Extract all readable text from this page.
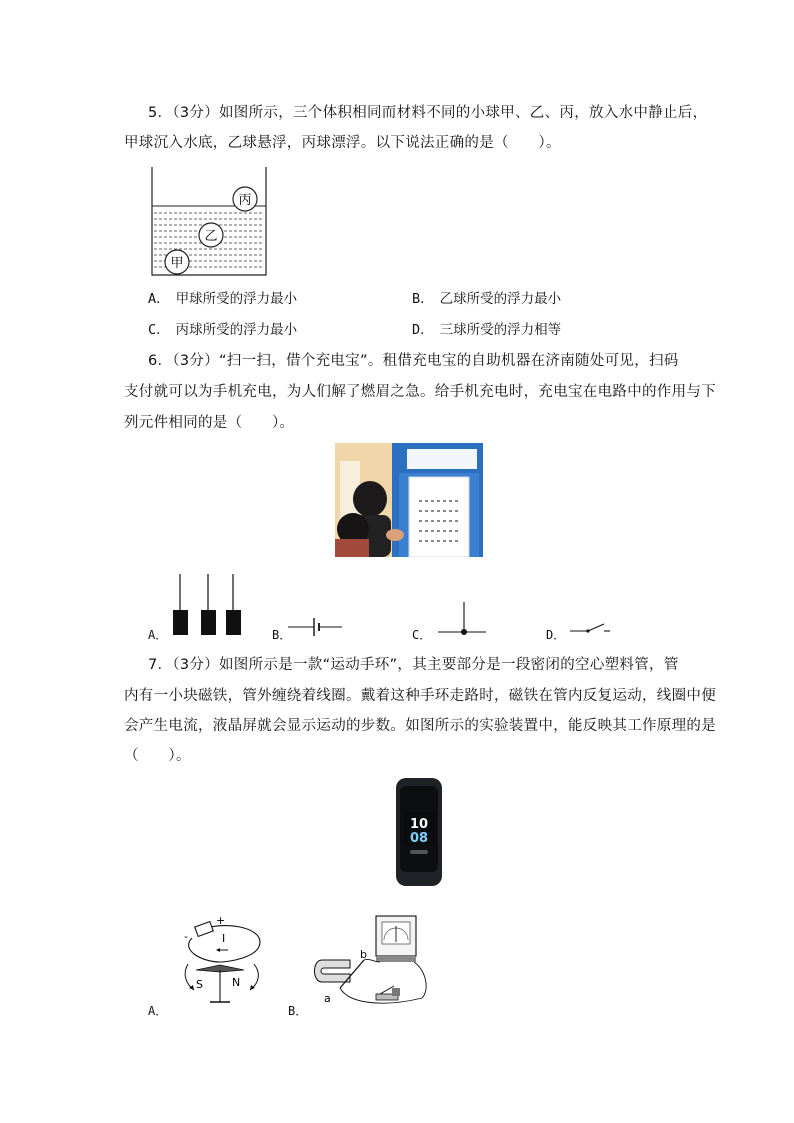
5．（3分）如图所示，三个体积相同而材料不同的小球甲、乙、丙，放入水中静止后，
甲球沉入水底，乙球悬浮，丙球漂浮。以下说法正确的是（　　）。
丙
乙
甲
A． 甲球所受的浮力最小	B． 乙球所受的浮力最小
C． 丙球所受的浮力最小	D． 三球所受的浮力相等
6．（3分）“扫一扫，借个充电宝”。租借充电宝的自助机器在济南随处可见，扫码
支付就可以为手机充电，为人们解了燃眉之急。给手机充电时，充电宝在电路中的作用与下
列元件相同的是（　　）。
A．	B．	C．	D．
7．（3分）如图所示是一款“运动手环”，其主要部分是一段密闭的空心塑料管，管
内有一小块磁铁，管外缠绕着线圈。戴着这种手环走路时，磁铁在管内反复运动，线圈中便
会产生电流，液晶屏就会显示运动的步数。如图所示的实验装置中，能反映其工作原理的是
（　　）。
10
08
+
-	I
S	N
A．
b
a
B．
